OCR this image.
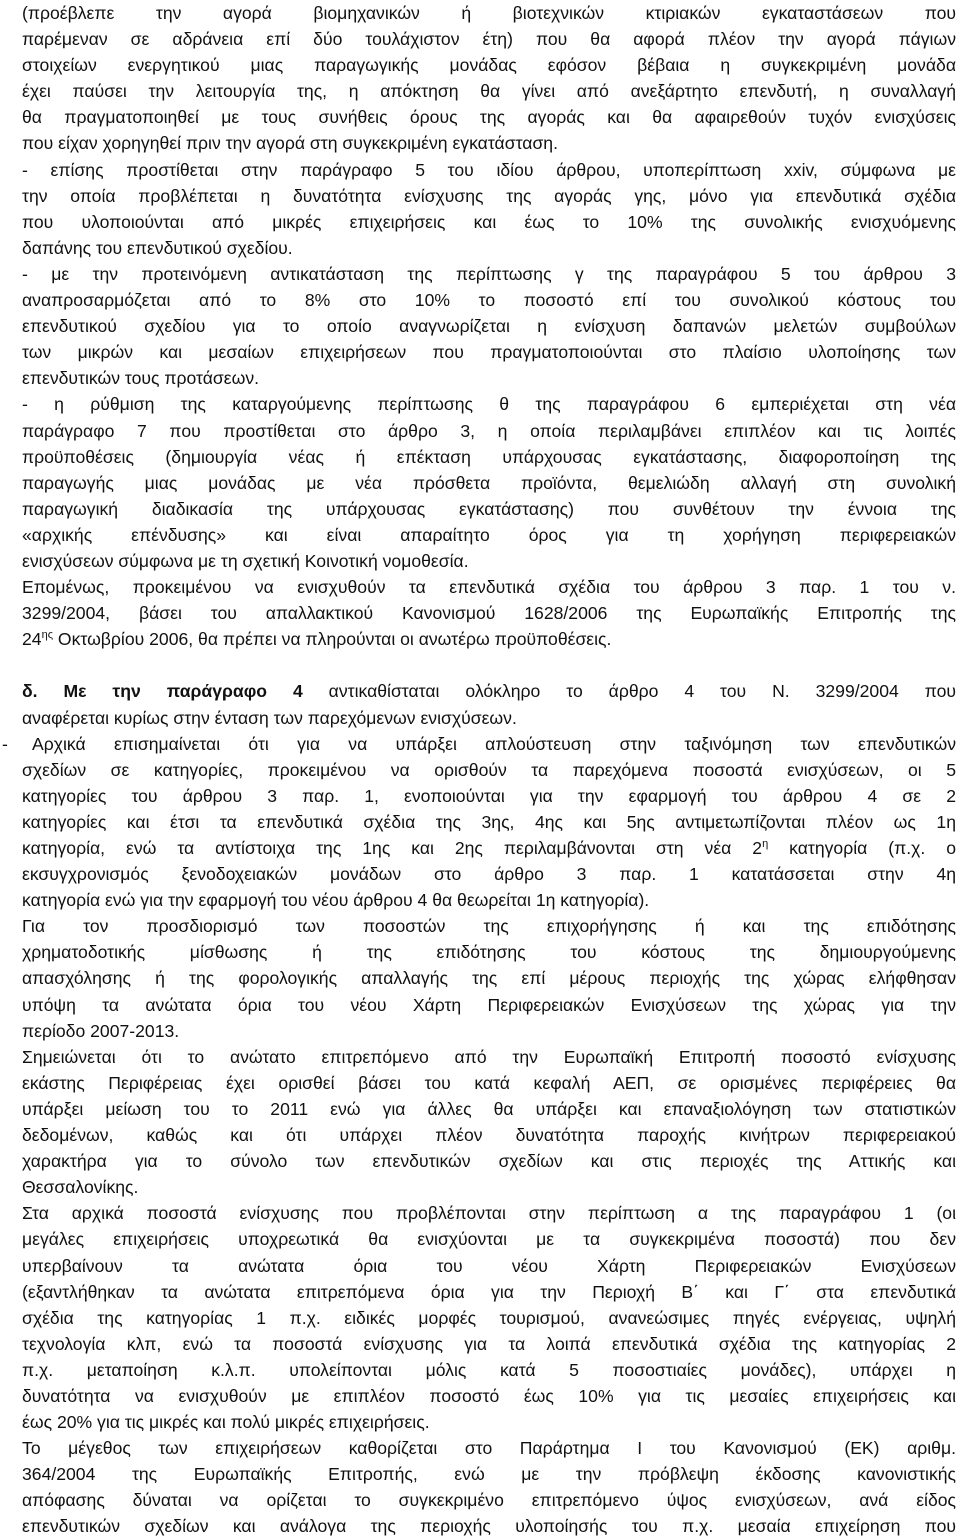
(προέβλεπε την αγορά βιομηχανικών ή βιοτεχνικών κτιριακών εγκαταστάσεων που
παρέμεναν σε αδράνεια επί δύο τουλάχιστον έτη) που θα αφορά πλέον την αγορά πάγιων
στοιχείων ενεργητικού μιας παραγωγικής μονάδας εφόσον βέβαια η συγκεκριμένη μονάδα
έχει παύσει την λειτουργία της, η απόκτηση θα γίνει από ανεξάρτητο επενδυτή, η συναλλαγή
θα πραγματοποιηθεί με τους συνήθεις όρους της αγοράς και θα αφαιρεθούν τυχόν ενισχύσεις
που είχαν χορηγηθεί πριν την αγορά στη συγκεκριμένη εγκατάσταση.
- επίσης προστίθεται στην παράγραφο 5 του ιδίου άρθρου, υποπερίπτωση xxiv, σύμφωνα με
την οποία προβλέπεται η δυνατότητα ενίσχυσης της αγοράς γης, μόνο για επενδυτικά σχέδια
που υλοποιούνται από μικρές επιχειρήσεις και έως το 10% της συνολικής ενισχυόμενης
δαπάνης του επενδυτικού σχεδίου.
- με την προτεινόμενη αντικατάσταση της περίπτωσης γ της παραγράφου 5 του άρθρου 3
αναπροσαρμόζεται από το 8% στο 10% το ποσοστό επί του συνολικού κόστους του
επενδυτικού σχεδίου για το οποίο αναγνωρίζεται η ενίσχυση δαπανών μελετών συμβούλων
των μικρών και μεσαίων επιχειρήσεων που πραγματοποιούνται στο πλαίσιο υλοποίησης των
επενδυτικών τους προτάσεων.
- η ρύθμιση της καταργούμενης περίπτωσης θ της παραγράφου 6 εμπεριέχεται στη νέα
παράγραφο 7 που προστίθεται στο άρθρο 3, η οποία περιλαμβάνει επιπλέον και τις λοιπές
προϋποθέσεις (δημιουργία νέας ή επέκταση υπάρχουσας εγκατάστασης, διαφοροποίηση της
παραγωγής μιας μονάδας με νέα πρόσθετα προϊόντα, θεμελιώδη αλλαγή στη συνολική
παραγωγική διαδικασία της υπάρχουσας εγκατάστασης) που συνθέτουν την έννοια της
«αρχικής επένδυσης» και είναι απαραίτητο όρος για τη χορήγηση περιφερειακών
ενισχύσεων σύμφωνα με τη σχετική Κοινοτική νομοθεσία.
Επομένως, προκειμένου να ενισχυθούν τα επενδυτικά σχέδια του άρθρου 3 παρ. 1 του ν.
3299/2004, βάσει του απαλλακτικού Κανονισμού 1628/2006 της Ευρωπαϊκής Επιτροπής της
$24^{\eta\varsigma}$ Οκτωβρίου 2006, θα πρέπει να πληρούνται οι ανωτέρω προϋποθέσεις.
δ. Με την παράγραφο 4 αντικαθίσταται ολόκληρο το άρθρο 4 του Ν. 3299/2004 που
αναφέρεται κυρίως στην ένταση των παρεχόμενων ενισχύσεων.
- Αρχικά επισημαίνεται ότι για να υπάρξει απλούστευση στην ταξινόμηση των επενδυτικών
σχεδίων σε κατηγορίες, προκειμένου να ορισθούν τα παρεχόμενα ποσοστά ενισχύσεων, οι 5
κατηγορίες του άρθρου 3 παρ. 1, ενοποιούνται για την εφαρμογή του άρθρου 4 σε 2
κατηγορίες και έτσι τα επενδυτικά σχέδια της 3ης, 4ης και 5ης αντιμετωπίζονται πλέον ως 1η
κατηγορία, ενώ τα αντίστοιχα της 1ης και 2ης περιλαμβάνονται στη νέα $2^\eta$ κατηγορία (π.χ. ο
εκσυγχρονισμός ξενοδοχειακών μονάδων στο άρθρο 3 παρ. 1 κατατάσσεται στην 4η
κατηγορία ενώ για την εφαρμογή του νέου άρθρου 4 θα θεωρείται 1η κατηγορία).
Για τον προσδιορισμό των ποσοστών της επιχορήγησης ή και της επιδότησης
χρηματοδοτικής μίσθωσης ή της επιδότησης του κόστους της δημιουργούμενης
απασχόλησης ή της φορολογικής απαλλαγής της επί μέρους περιοχής της χώρας ελήφθησαν
υπόψη τα ανώτατα όρια του νέου Χάρτη Περιφερειακών Ενισχύσεων της χώρας για την
περίοδο 2007-2013.
Σημειώνεται ότι το ανώτατο επιτρεπόμενο από την Ευρωπαϊκή Επιτροπή ποσοστό ενίσχυσης
εκάστης Περιφέρειας έχει ορισθεί βάσει του κατά κεφαλή ΑΕΠ, σε ορισμένες περιφέρειες θα
υπάρξει μείωση του το 2011 ενώ για άλλες θα υπάρξει και επαναξιολόγηση των στατιστικών
δεδομένων, καθώς και ότι υπάρχει πλέον δυνατότητα παροχής κινήτρων περιφερειακού
χαρακτήρα για το σύνολο των επενδυτικών σχεδίων και στις περιοχές της Αττικής και
Θεσσαλονίκης.
Στα αρχικά ποσοστά ενίσχυσης που προβλέπονται στην περίπτωση α της παραγράφου 1 (οι
μεγάλες επιχειρήσεις υποχρεωτικά θα ενισχύονται με τα συγκεκριμένα ποσοστά) που δεν
υπερβαίνουν τα ανώτατα όρια του νέου Χάρτη Περιφερειακών Ενισχύσεων
(εξαντλήθηκαν τα ανώτατα επιτρεπόμενα όρια για την Περιοχή Β΄ και Γ΄ στα επενδυτικά
σχέδια της κατηγορίας 1 π.χ. ειδικές μορφές τουρισμού, ανανεώσιμες πηγές ενέργειας, υψηλή
τεχνολογία κλπ, ενώ τα ποσοστά ενίσχυσης για τα λοιπά επενδυτικά σχέδια της κατηγορίας 2
π.χ. μεταποίηση κ.λ.π. υπολείπονται μόλις κατά 5 ποσοστιαίες μονάδες), υπάρχει η
δυνατότητα να ενισχυθούν με επιπλέον ποσοστό έως 10% για τις μεσαίες επιχειρήσεις και
έως 20% για τις μικρές και πολύ μικρές επιχειρήσεις.
Το μέγεθος των επιχειρήσεων καθορίζεται στο Παράρτημα Ι του Κανονισμού (ΕΚ) αριθμ.
364/2004 της Ευρωπαϊκής Επιτροπής, ενώ με την πρόβλεψη έκδοσης κανονιστικής
απόφασης δύναται να ορίζεται το συγκεκριμένο επιτρεπόμενο ύψος ενισχύσεων, ανά είδος
επενδυτικών σχεδίων και ανάλογα της περιοχής υλοποίησής του π.χ. μεσαία επιχείρηση που
